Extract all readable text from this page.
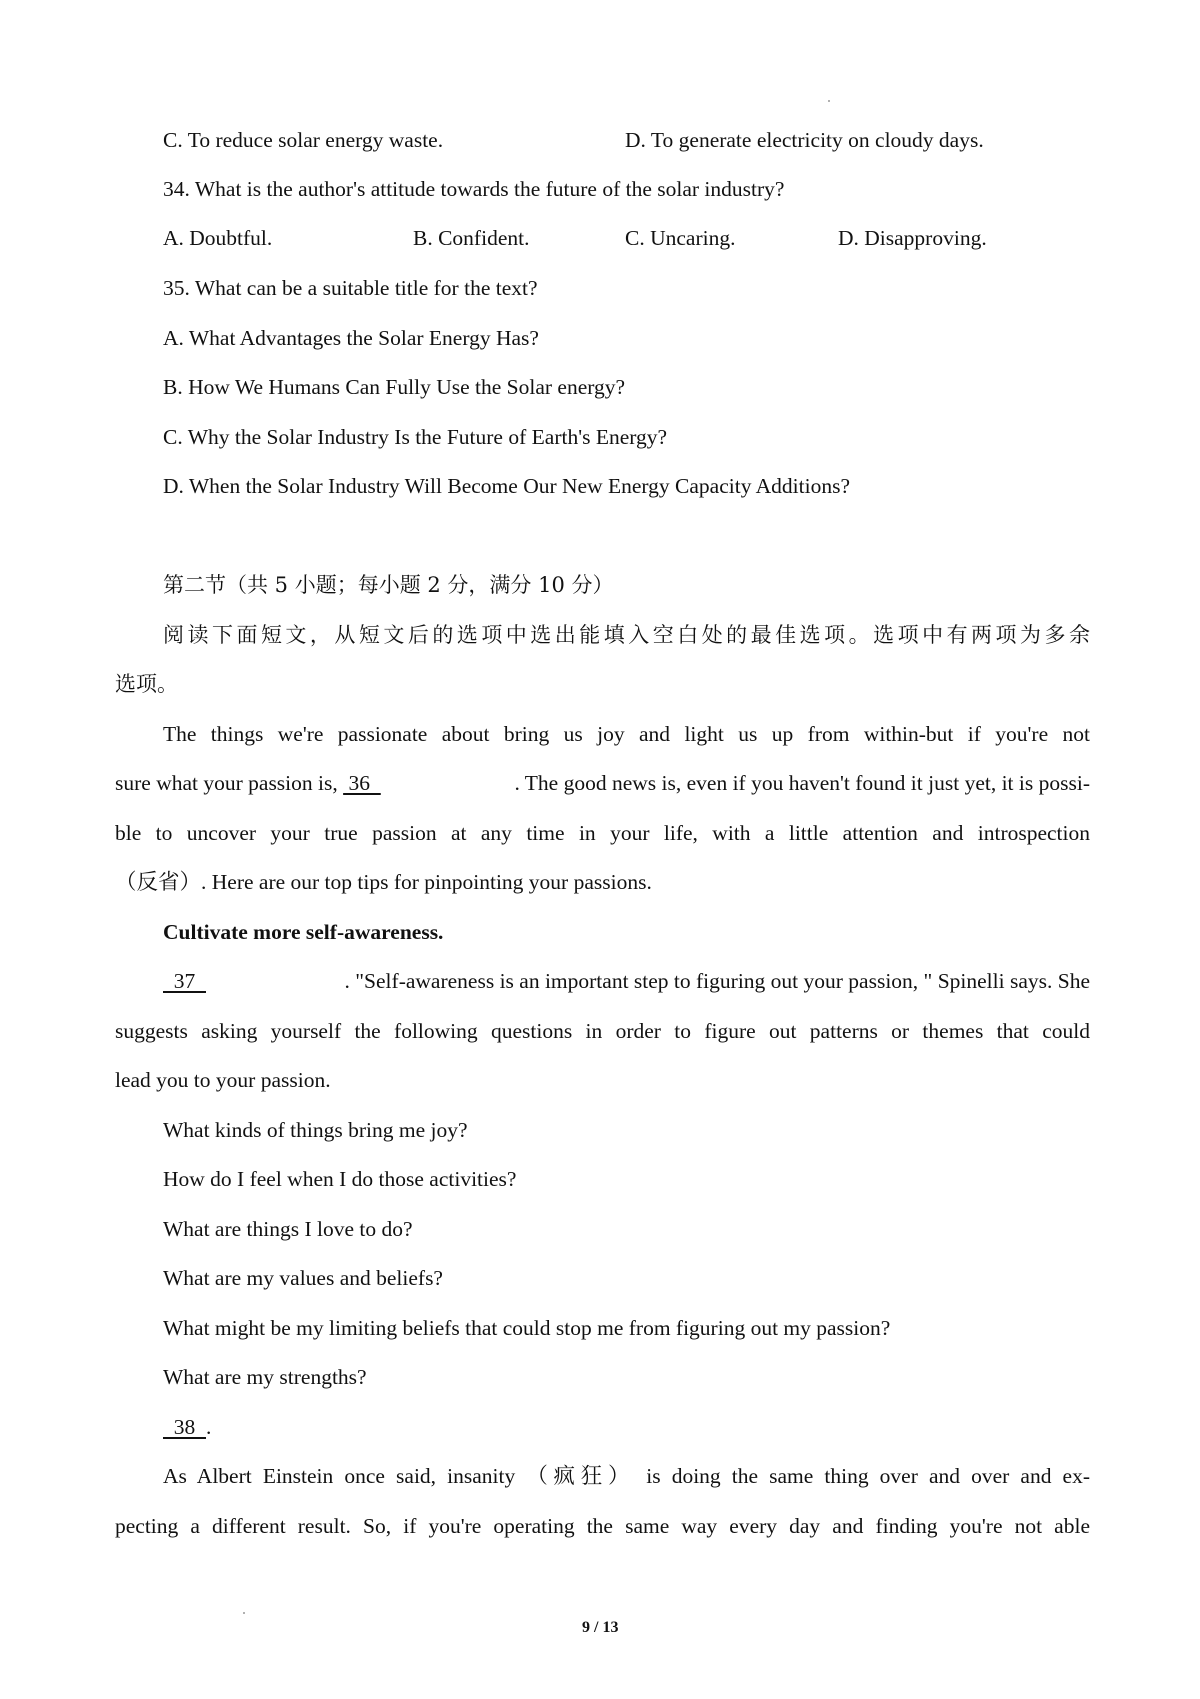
C. To reduce solar energy waste.	D. To generate electricity on cloudy days.
34. What is the author's attitude towards the future of the solar industry?
A. Doubtful.	B. Confident.	C. Uncaring.	D. Disapproving.
35. What can be a suitable title for the text?
A. What Advantages the Solar Energy Has?
B. How We Humans Can Fully Use the Solar energy?
C. Why the Solar Industry Is the Future of Earth's Energy?
D. When the Solar Industry Will Become Our New Energy Capacity Additions?
第二节（共 5 小题；每小题 2 分，满分 10 分）
阅读下面短文，从短文后的选项中选出能填入空白处的最佳选项。选项中有两项为多余
选项。
The things we're passionate about bring us joy and light us up from within-but if you're not
sure what your passion is, 36	. The good news is, even if you haven't found it just yet, it is possi-
ble to uncover your true passion at any time in your life, with a little attention and introspection
（反省）. Here are our top tips for pinpointing your passions.
Cultivate more self-awareness.
37	. "Self-awareness is an important step to figuring out your passion, " Spinelli says. She
suggests asking yourself the following questions in order to figure out patterns or themes that could
lead you to your passion.
What kinds of things bring me joy?
How do I feel when I do those activities?
What are things I love to do?
What are my values and beliefs?
What might be my limiting beliefs that could stop me from figuring out my passion?
What are my strengths?
38  .
As Albert Einstein once said, insanity （疯狂） is doing the same thing over and over and ex-
pecting a different result. So, if you're operating the same way every day and finding you're not able
9 / 13
